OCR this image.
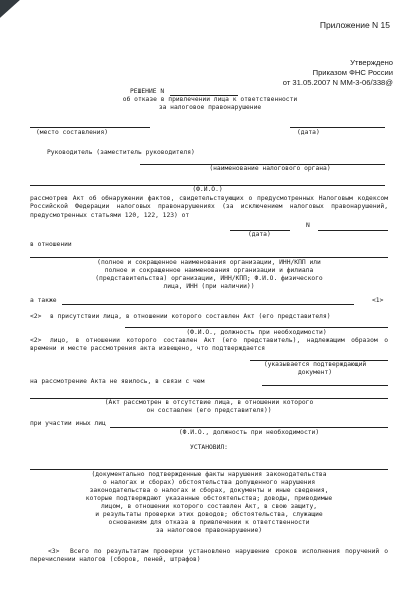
NoNumber.ru	Приложение N 15
Утверждено
Приказом ФНС России
от 31.05.2007 N ММ-3-06/338@
РЕШЕНИЕ N
об отказе в привлечении лица к ответственности
за налоговое правонарушение
(место составления)	(дата)
Руководитель (заместитель руководителя)
(наименование налогового органа)
(Ф.И.О.)
рассмотрев Акт об обнаружении фактов, свидетельствующих о предусмотренных Налоговым кодексом Российской Федерации налоговых правонарушениях (за исключением налоговых правонарушений, предусмотренных статьями 120, 122, 123) от
N
(дата)
в отношении
(полное и сокращенное наименования организации, ИНН/КПП или
полное и сокращенное наименования организации и филиала
(представительства) организации, ИНН/КПП; Ф.И.О. физического
лица, ИНН (при наличии))
а также	<1>
<2>	в присутствии лица, в отношении которого составлен Акт (его представителя)
(Ф.И.О., должность при необходимости)
<2>	лицо, в отношении которого составлен Акт (его представитель), надлежащим образом о времени и месте рассмотрения акта извещено, что подтверждается
(указывается подтверждающий
документ)
на рассмотрение Акта не явилось, в связи с чем
(Акт рассмотрен в отсутствие лица, в отношении которого
он составлен (его представителя))
при участии иных лиц
(Ф.И.О., должность при необходимости)
УСТАНОВИЛ:
(документально подтвержденные факты нарушения законодательства
о налогах и сборах) обстоятельства допущенного нарушения
законодательства о налогах и сборах, документы и иные сведения,
которые подтверждают указанные обстоятельства; доводы, приводимые
лицом, в отношении которого составлен Акт, в свою защиту,
и результаты проверки этих доводов; обстоятельства, служащие
основаниям для отказа в привлечении к ответственности
за налоговое правонарушение)
<3>	Всего по результатам проверки установлено нарушение сроков исполнения поручений о перечислении налогов (сборов, пеней, штрафов)
